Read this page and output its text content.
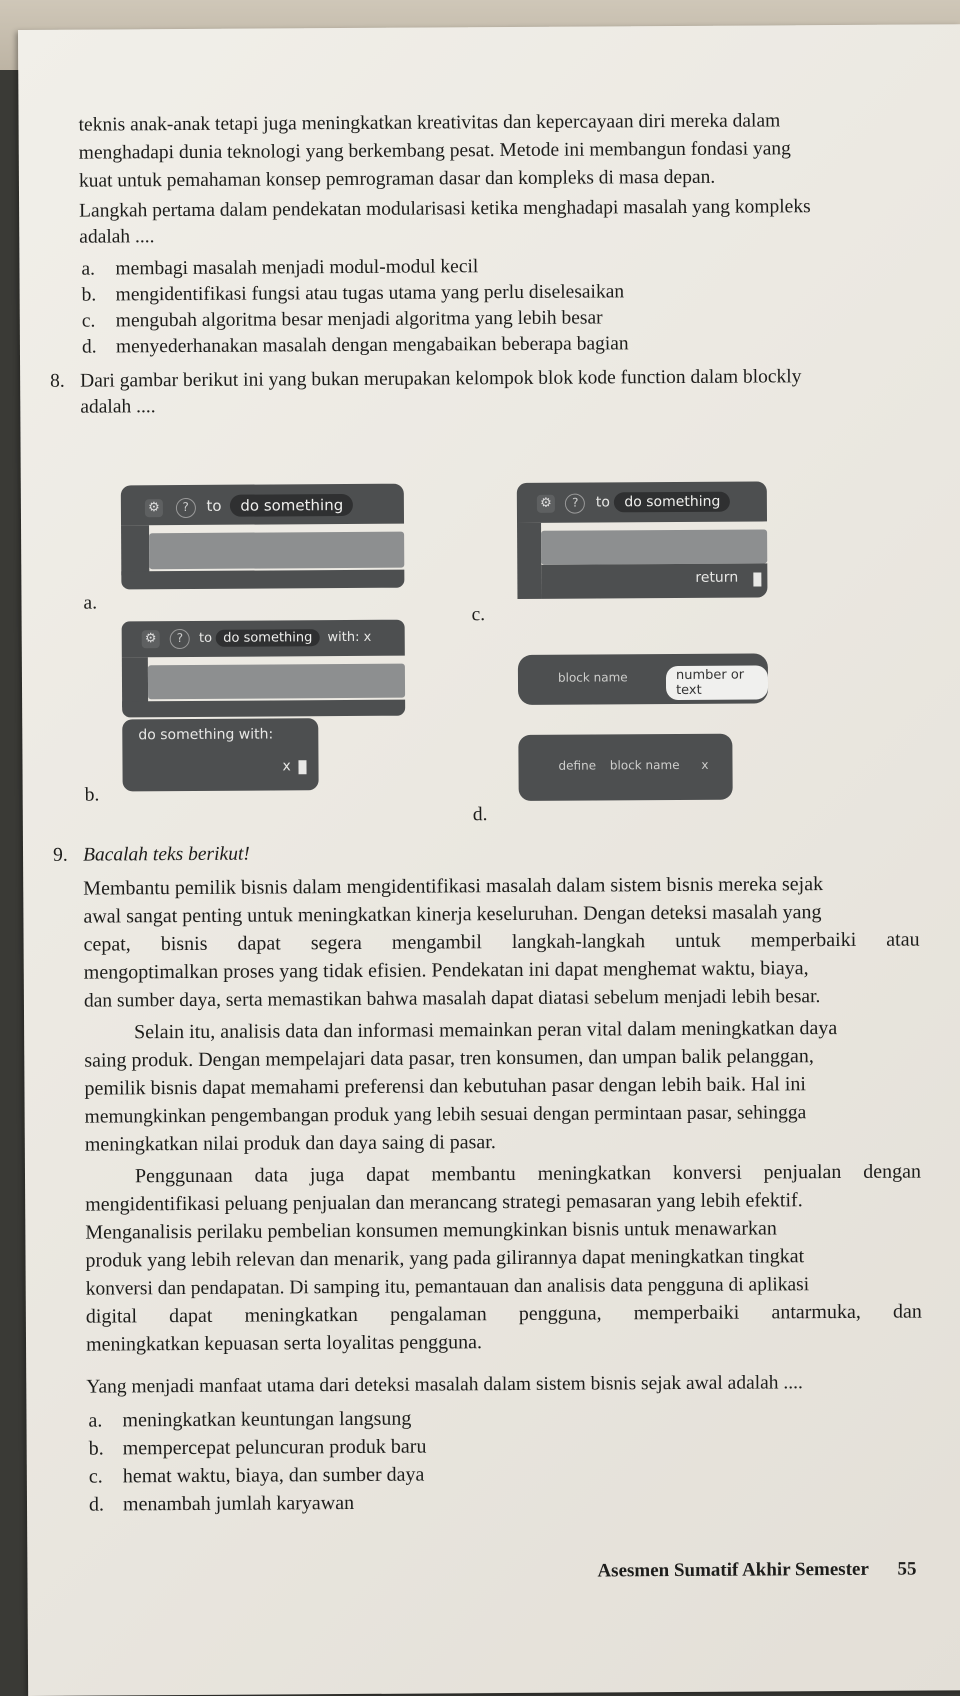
teknis anak-anak tetapi juga meningkatkan kreativitas dan kepercayaan diri mereka dalam
menghadapi dunia teknologi yang berkembang pesat. Metode ini membangun fondasi yang
kuat untuk pemahaman konsep pemrograman dasar dan kompleks di masa depan.
Langkah pertama dalam pendekatan modularisasi ketika menghadapi masalah yang kompleks
adalah ....
a. membagi masalah menjadi modul-modul kecil
b. mengidentifikasi fungsi atau tugas utama yang perlu diselesaikan
c. mengubah algoritma besar menjadi algoritma yang lebih besar
d. menyederhanakan masalah dengan mengabaikan beberapa bagian
8. Dari gambar berikut ini yang bukan merupakan kelompok blok kode function dalam blockly
adalah ....
a.
⚙ ? to do something
⚙ ? to do something with: x
b.
do something with:
x
c.
⚙ ? to do something
return
block name	number or text
d.
define block name x
9. Bacalah teks berikut!
Membantu pemilik bisnis dalam mengidentifikasi masalah dalam sistem bisnis mereka sejak
awal sangat penting untuk meningkatkan kinerja keseluruhan. Dengan deteksi masalah yang
cepat, bisnis dapat segera mengambil langkah-langkah untuk memperbaiki atau
mengoptimalkan proses yang tidak efisien. Pendekatan ini dapat menghemat waktu, biaya,
dan sumber daya, serta memastikan bahwa masalah dapat diatasi sebelum menjadi lebih besar.
Selain itu, analisis data dan informasi memainkan peran vital dalam meningkatkan daya
saing produk. Dengan mempelajari data pasar, tren konsumen, dan umpan balik pelanggan,
pemilik bisnis dapat memahami preferensi dan kebutuhan pasar dengan lebih baik. Hal ini
memungkinkan pengembangan produk yang lebih sesuai dengan permintaan pasar, sehingga
meningkatkan nilai produk dan daya saing di pasar.
Penggunaan data juga dapat membantu meningkatkan konversi penjualan dengan
mengidentifikasi peluang penjualan dan merancang strategi pemasaran yang lebih efektif.
Menganalisis perilaku pembelian konsumen memungkinkan bisnis untuk menawarkan
produk yang lebih relevan dan menarik, yang pada gilirannya dapat meningkatkan tingkat
konversi dan pendapatan. Di samping itu, pemantauan dan analisis data pengguna di aplikasi
digital dapat meningkatkan pengalaman pengguna, memperbaiki antarmuka, dan
meningkatkan kepuasan serta loyalitas pengguna.
Yang menjadi manfaat utama dari deteksi masalah dalam sistem bisnis sejak awal adalah ....
a. meningkatkan keuntungan langsung
b. mempercepat peluncuran produk baru
c. hemat waktu, biaya, dan sumber daya
d. menambah jumlah karyawan
Asesmen Sumatif Akhir Semester 55
